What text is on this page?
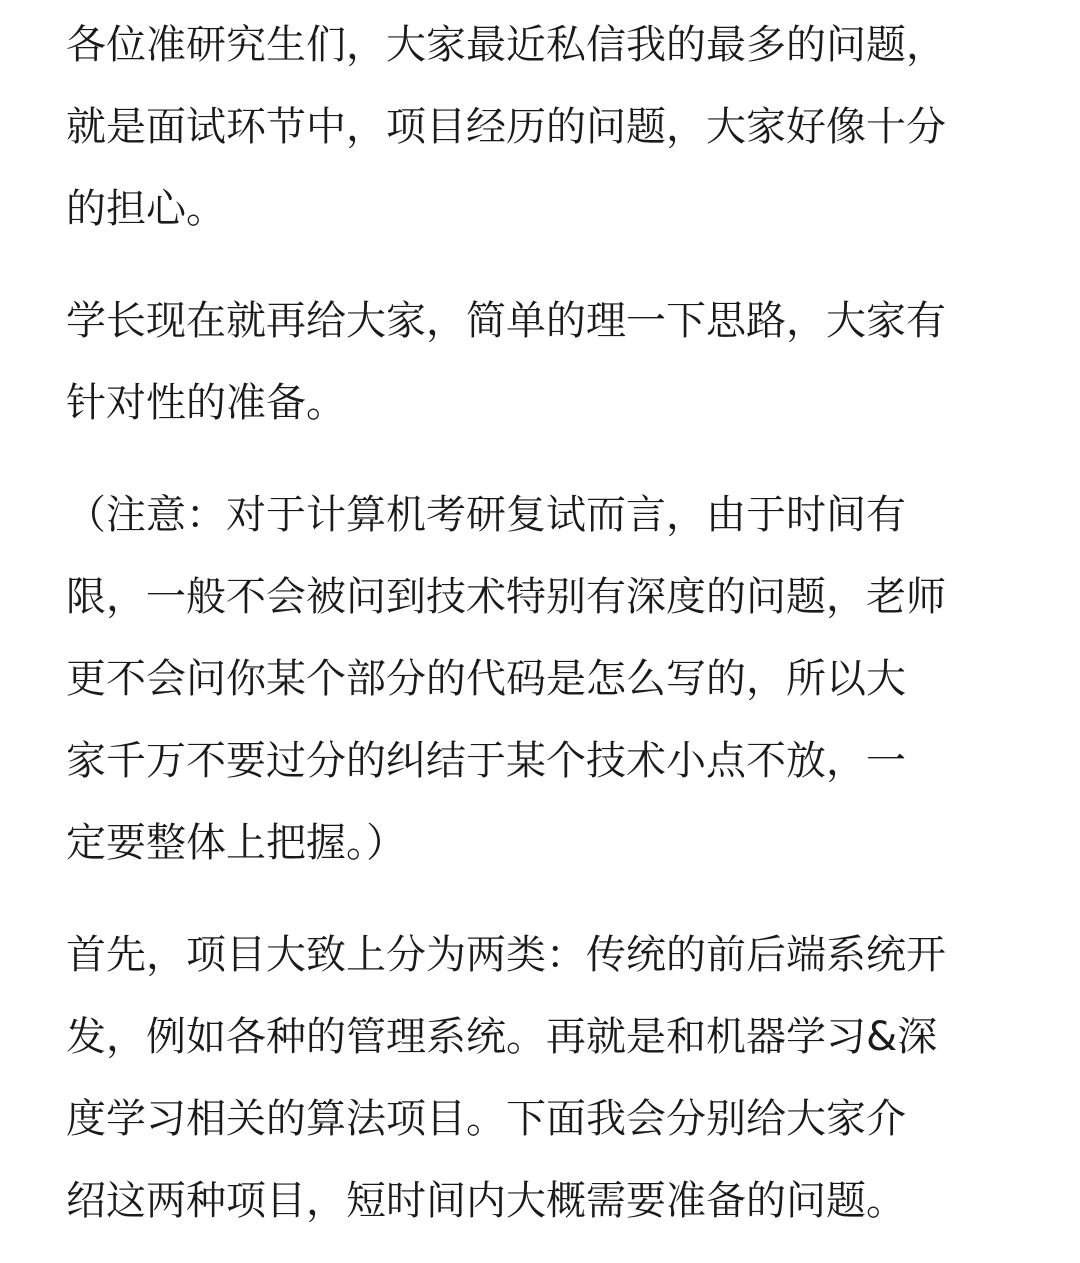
各位准研究生们，大家最近私信我的最多的问题，
就是面试环节中，项目经历的问题，大家好像十分
的担心。

学长现在就再给大家，简单的理一下思路，大家有
针对性的准备。

（注意：对于计算机考研复试而言，由于时间有
限，一般不会被问到技术特别有深度的问题，老师
更不会问你某个部分的代码是怎么写的，所以大
家千万不要过分的纠结于某个技术小点不放，一
定要整体上把握。）

首先，项目大致上分为两类：传统的前后端系统开
发，例如各种的管理系统。再就是和机器学习&深
度学习相关的算法项目。下面我会分别给大家介
绍这两种项目，短时间内大概需要准备的问题。
